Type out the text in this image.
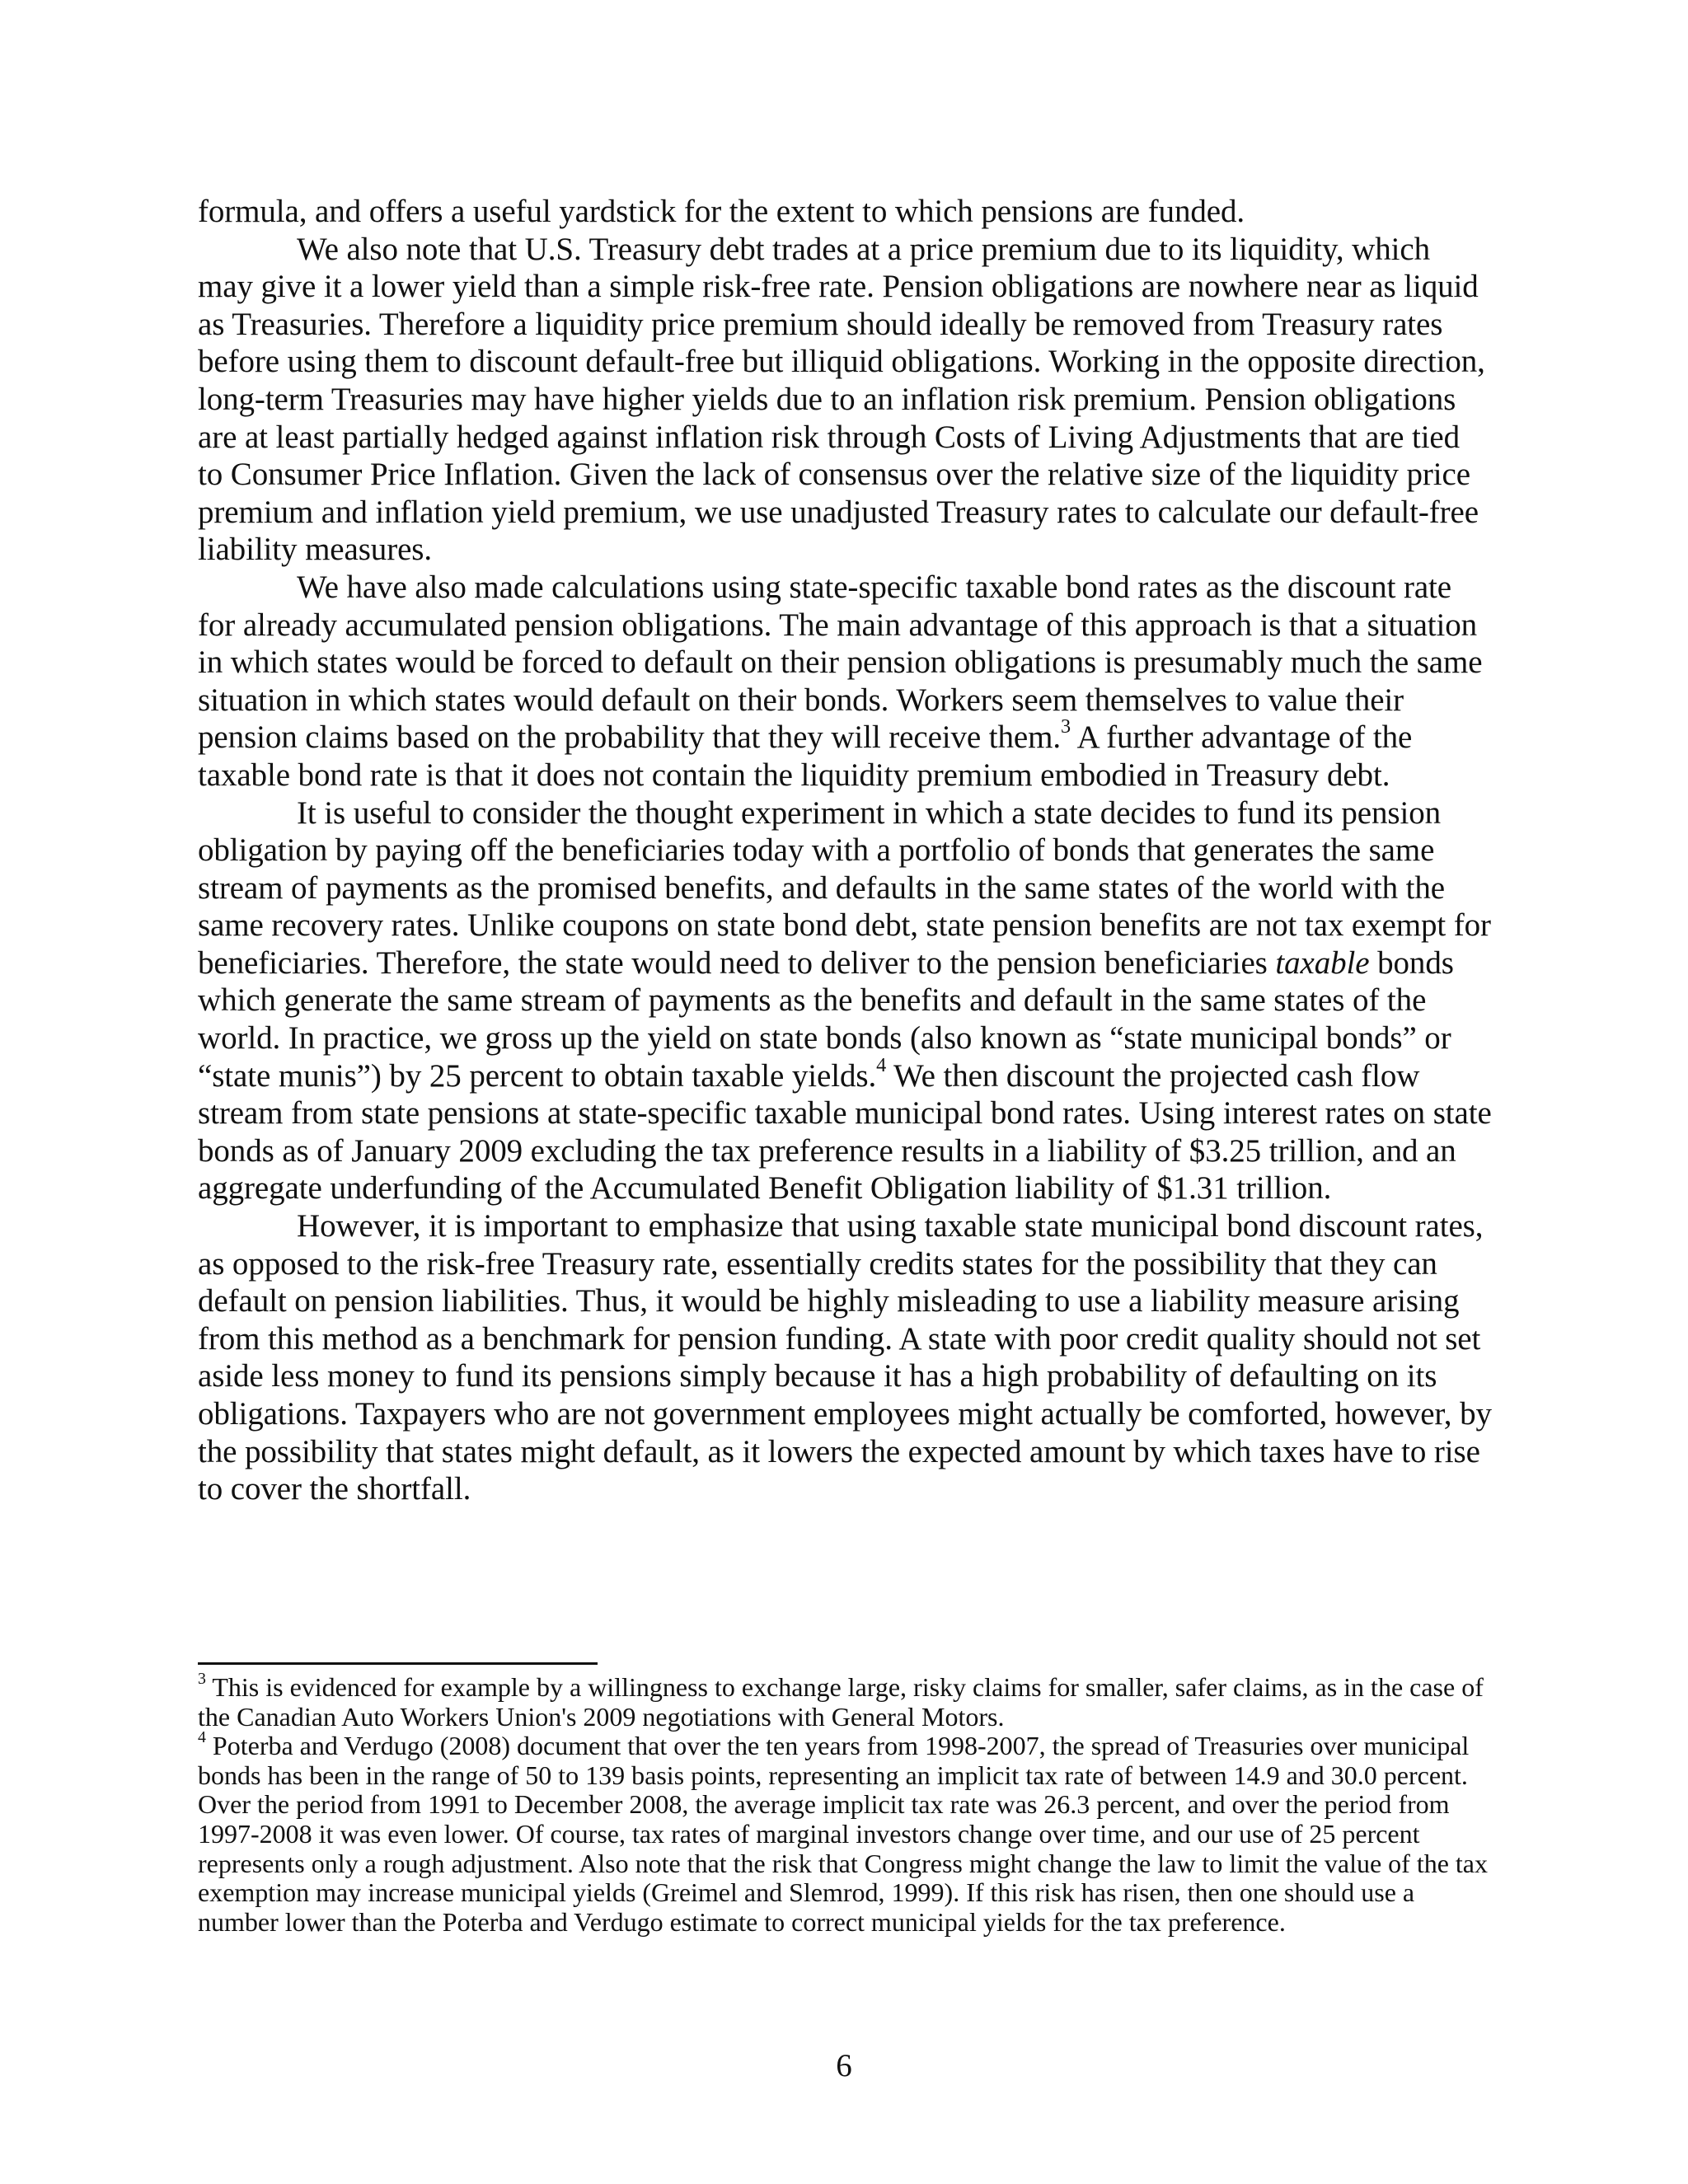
formula, and offers a useful yardstick for the extent to which pensions are funded.

We also note that U.S. Treasury debt trades at a price premium due to its liquidity, which may give it a lower yield than a simple risk-free rate. Pension obligations are nowhere near as liquid as Treasuries. Therefore a liquidity price premium should ideally be removed from Treasury rates before using them to discount default-free but illiquid obligations. Working in the opposite direction, long-term Treasuries may have higher yields due to an inflation risk premium. Pension obligations are at least partially hedged against inflation risk through Costs of Living Adjustments that are tied to Consumer Price Inflation. Given the lack of consensus over the relative size of the liquidity price premium and inflation yield premium, we use unadjusted Treasury rates to calculate our default-free liability measures.

We have also made calculations using state-specific taxable bond rates as the discount rate for already accumulated pension obligations. The main advantage of this approach is that a situation in which states would be forced to default on their pension obligations is presumably much the same situation in which states would default on their bonds. Workers seem themselves to value their pension claims based on the probability that they will receive them.$^3$ A further advantage of the taxable bond rate is that it does not contain the liquidity premium embodied in Treasury debt.

It is useful to consider the thought experiment in which a state decides to fund its pension obligation by paying off the beneficiaries today with a portfolio of bonds that generates the same stream of payments as the promised benefits, and defaults in the same states of the world with the same recovery rates. Unlike coupons on state bond debt, state pension benefits are not tax exempt for beneficiaries. Therefore, the state would need to deliver to the pension beneficiaries taxable bonds which generate the same stream of payments as the benefits and default in the same states of the world. In practice, we gross up the yield on state bonds (also known as “state municipal bonds” or “state munis”) by 25 percent to obtain taxable yields.$^4$ We then discount the projected cash flow stream from state pensions at state-specific taxable municipal bond rates. Using interest rates on state bonds as of January 2009 excluding the tax preference results in a liability of $3.25 trillion, and an aggregate underfunding of the Accumulated Benefit Obligation liability of $1.31 trillion.

However, it is important to emphasize that using taxable state municipal bond discount rates, as opposed to the risk-free Treasury rate, essentially credits states for the possibility that they can default on pension liabilities. Thus, it would be highly misleading to use a liability measure arising from this method as a benchmark for pension funding. A state with poor credit quality should not set aside less money to fund its pensions simply because it has a high probability of defaulting on its obligations. Taxpayers who are not government employees might actually be comforted, however, by the possibility that states might default, as it lowers the expected amount by which taxes have to rise to cover the shortfall.

$^3$ This is evidenced for example by a willingness to exchange large, risky claims for smaller, safer claims, as in the case of the Canadian Auto Workers Union's 2009 negotiations with General Motors.

$^4$ Poterba and Verdugo (2008) document that over the ten years from 1998-2007, the spread of Treasuries over municipal bonds has been in the range of 50 to 139 basis points, representing an implicit tax rate of between 14.9 and 30.0 percent. Over the period from 1991 to December 2008, the average implicit tax rate was 26.3 percent, and over the period from 1997-2008 it was even lower. Of course, tax rates of marginal investors change over time, and our use of 25 percent represents only a rough adjustment. Also note that the risk that Congress might change the law to limit the value of the tax exemption may increase municipal yields (Greimel and Slemrod, 1999). If this risk has risen, then one should use a number lower than the Poterba and Verdugo estimate to correct municipal yields for the tax preference.

6
